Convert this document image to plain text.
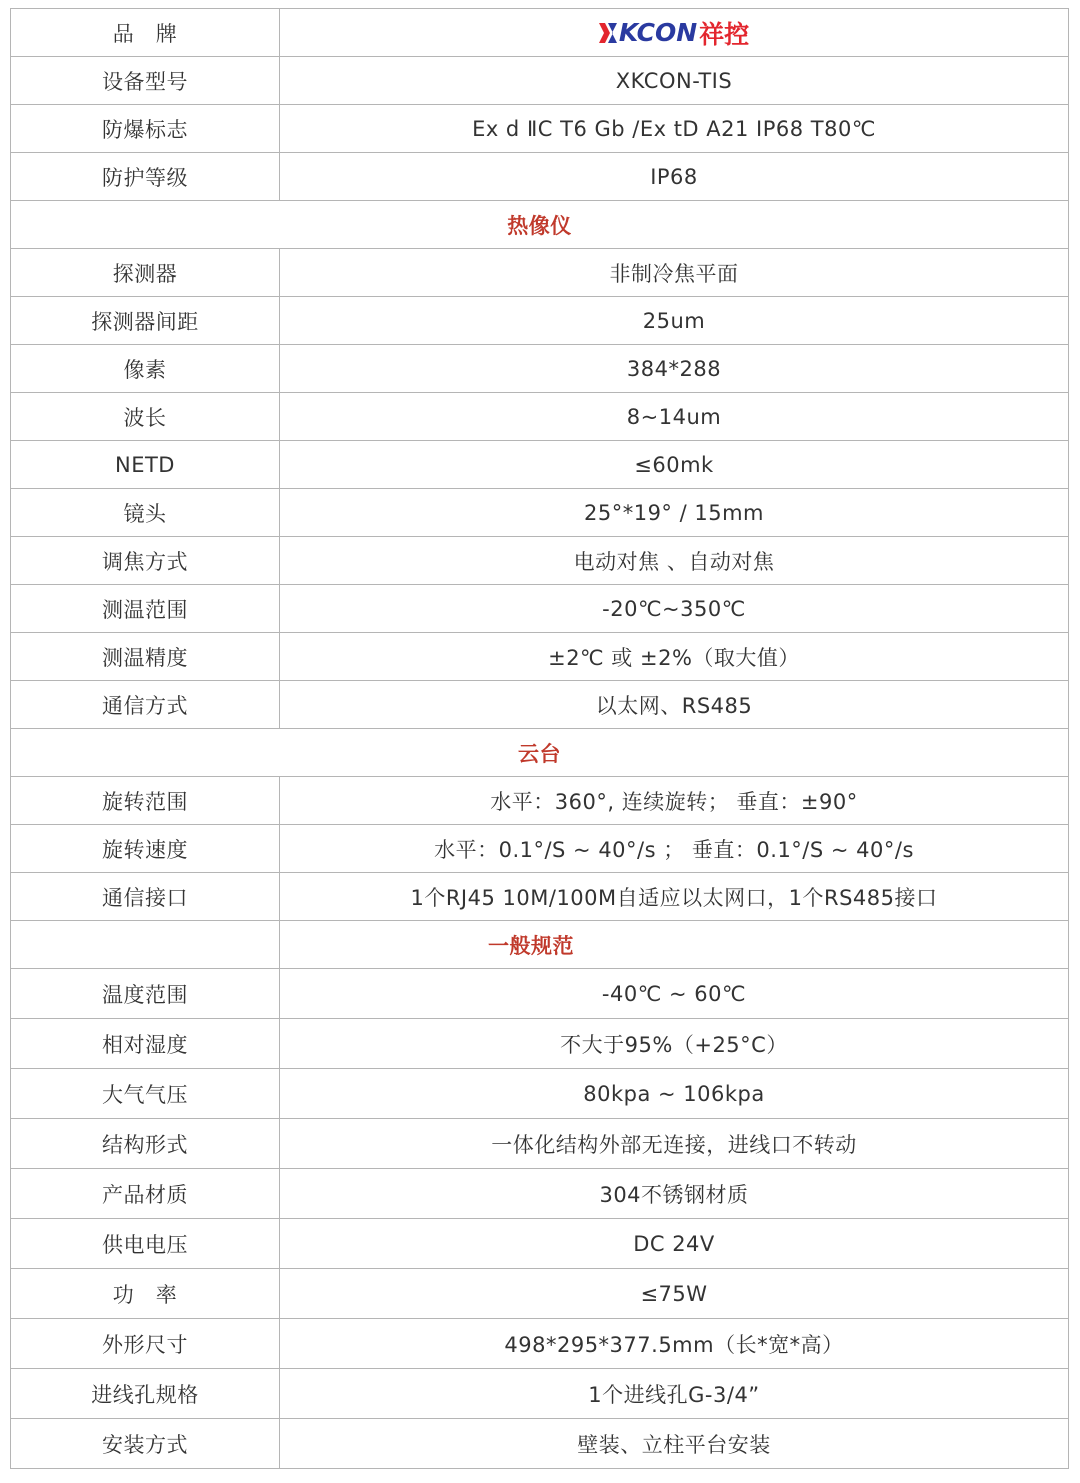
品　牌	KCON 祥控

设备型号	XKCON-TIS
防爆标志	Ex d ⅡC T6 Gb /Ex tD A21 IP68 T80℃
防护等级	IP68
热像仪	
探测器	非制冷焦平面
探测器间距	25um
像素	384*288
波长	8~14um
NETD	≤60mk
镜头	25°*19° / 15mm
调焦方式	电动对焦 、自动对焦
测温范围	-20℃~350℃
测温精度	±2℃ 或 ±2%（取大值）
通信方式	以太网、RS485
云台	
旋转范围	水平：360°, 连续旋转； 垂直：±90°
旋转速度	水平：0.1°/S ~ 40°/s ； 垂直：0.1°/S ~ 40°/s
通信接口	1个RJ45 10M/100M自适应以太网口，1个RS485接口
	一般规范
温度范围	-40℃ ~ 60℃
相对湿度	不大于95%（+25°C）
大气气压	80kpa ~ 106kpa
结构形式	一体化结构外部无连接，进线口不转动
产品材质	304不锈钢材质
供电电压	DC 24V
功　率	≤75W
外形尺寸	498*295*377.5mm（长*宽*高）
进线孔规格	1个进线孔G-3/4”
安装方式	壁装、立柱平台安装
